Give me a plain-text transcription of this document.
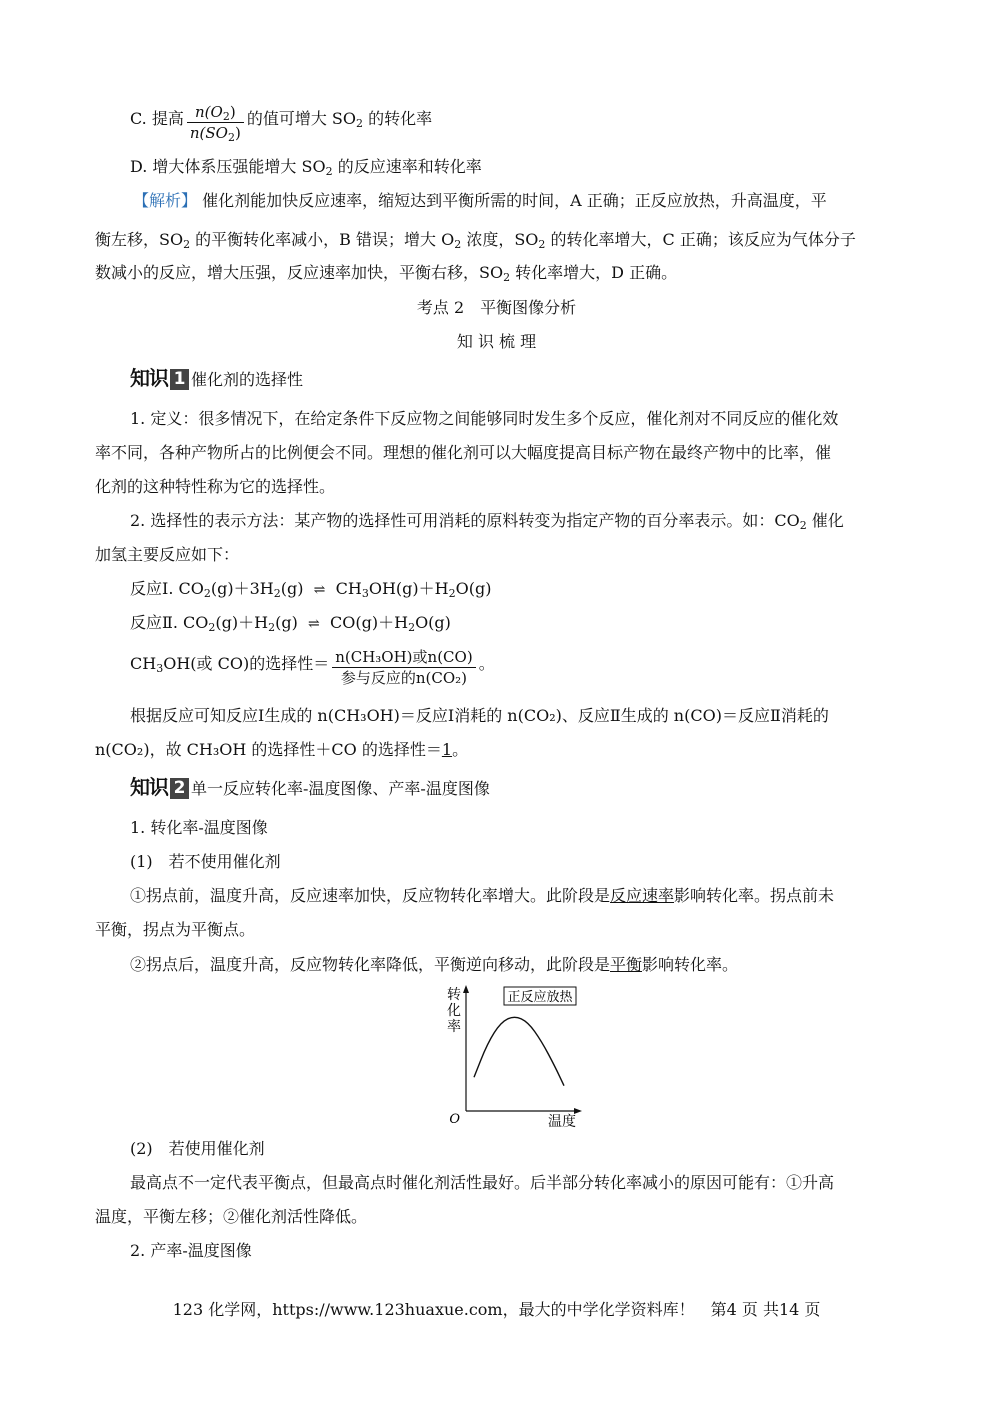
C. 提高 $\frac{n(O_2)}{n(SO_2)}$ 的值可增大 $SO_2$ 的转化率
D. 增大体系压强能增大 $SO_2$ 的反应速率和转化率
【解析】 催化剂能加快反应速率，缩短达到平衡所需的时间，A 正确；正反应放热，升高温度，平
衡左移，$SO_2$ 的平衡转化率减小，B 错误；增大 $O_2$ 浓度，$SO_2$ 的转化率增大，C 正确；该反应为气体分子
数减小的反应，增大压强，反应速率加快，平衡右移，$SO_2$ 转化率增大，D 正确。
考点 2　平衡图像分析
知 识 梳 理
知识 1 催化剂的选择性
1. 定义：很多情况下，在给定条件下反应物之间能够同时发生多个反应，催化剂对不同反应的催化效
率不同，各种产物所占的比例便会不同。理想的催化剂可以大幅度提高目标产物在最终产物中的比率，催
化剂的这种特性称为它的选择性。
2. 选择性的表示方法：某产物的选择性可用消耗的原料转变为指定产物的百分率表示。如：$CO_2$ 催化
加氢主要反应如下：
反应Ⅰ. $CO_2(g)+3H_2(g)$ ⇌ $CH_3OH(g)+H_2O(g)$
反应Ⅱ. $CO_2(g)+H_2(g)$ ⇌ $CO(g)+H_2O(g)$
$CH_3OH$(或 CO)的选择性＝ $\frac{\text{n(CH₃OH)或n(CO)}}{\text{参与反应的n(CO₂)}}$ 。
根据反应可知反应Ⅰ生成的 n(CH₃OH)＝反应Ⅰ消耗的 n(CO₂)、反应Ⅱ生成的 n(CO)＝反应Ⅱ消耗的
n(CO₂)，故 CH₃OH 的选择性＋CO 的选择性＝1。
知识 2 单一反应转化率-温度图像、产率-温度图像
1. 转化率-温度图像
(1)　若不使用催化剂
①拐点前，温度升高，反应速率加快，反应物转化率增大。此阶段是反应速率影响转化率。拐点前未
平衡，拐点为平衡点。
②拐点后，温度升高，反应物转化率降低，平衡逆向移动，此阶段是平衡影响转化率。
转
化
率
O	温度
正反应放热
(2)　若使用催化剂
最高点不一定代表平衡点，但最高点时催化剂活性最好。后半部分转化率减小的原因可能有：①升高
温度，平衡左移；②催化剂活性降低。
2. 产率-温度图像
123 化学网，https://www.123huaxue.com，最大的中学化学资料库！　第4 页 共14 页
